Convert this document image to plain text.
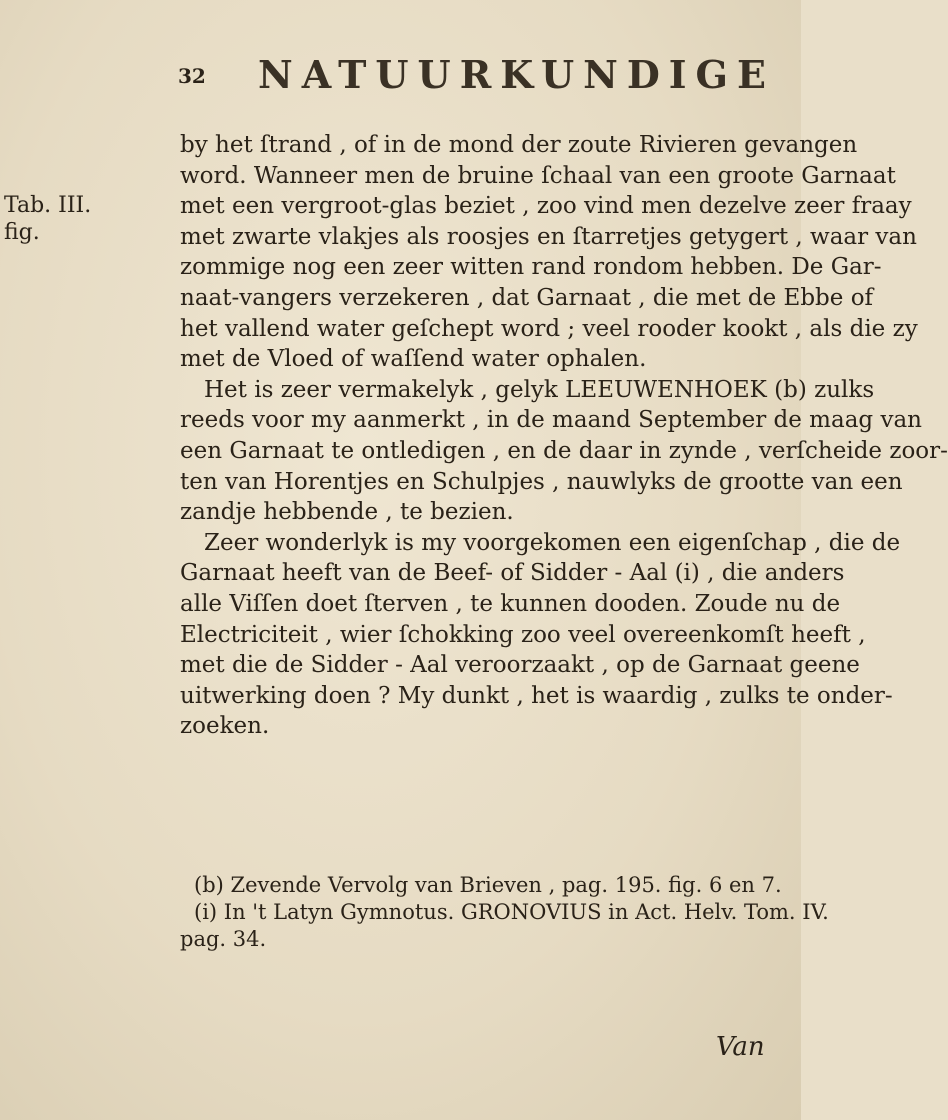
32 NATUURKUNDIGE
Tab. III.
fig.
by het ſtrand , of in de mond der zoute Rivieren gevangen
word. Wanneer men de bruine ſchaal van een groote Garnaat
met een vergroot-glas beziet , zoo vind men dezelve zeer fraay
met zwarte vlakjes als roosjes en ſtarretjes getygert , waar van
zommige nog een zeer witten rand rondom hebben. De Gar-
naat-vangers verzekeren , dat Garnaat , die met de Ebbe of
het vallend water geſchept word ; veel rooder kookt , als die zy
met de Vloed of waſſend water ophalen.
Het is zeer vermakelyk , gelyk LEEUWENHOEK (b) zulks
reeds voor my aanmerkt , in de maand September de maag van
een Garnaat te ontledigen , en de daar in zynde , verſcheide zoor-
ten van Horentjes en Schulpjes , nauwlyks de grootte van een
zandje hebbende , te bezien.
Zeer wonderlyk is my voorgekomen een eigenſchap , die de
Garnaat heeft van de Beef- of Sidder - Aal (i) , die anders
alle Viſſen doet ſterven , te kunnen dooden. Zoude nu de
Electriciteit , wier ſchokking zoo veel overeenkomſt heeft ,
met die de Sidder - Aal veroorzaakt , op de Garnaat geene
uitwerking doen ? My dunkt , het is waardig , zulks te onder-
zoeken.
(b) Zevende Vervolg van Brieven , pag. 195. fig. 6 en 7.
(i) In 't Latyn Gymnotus. GRONOVIUS in Act. Helv. Tom. IV.
pag. 34.
Van
